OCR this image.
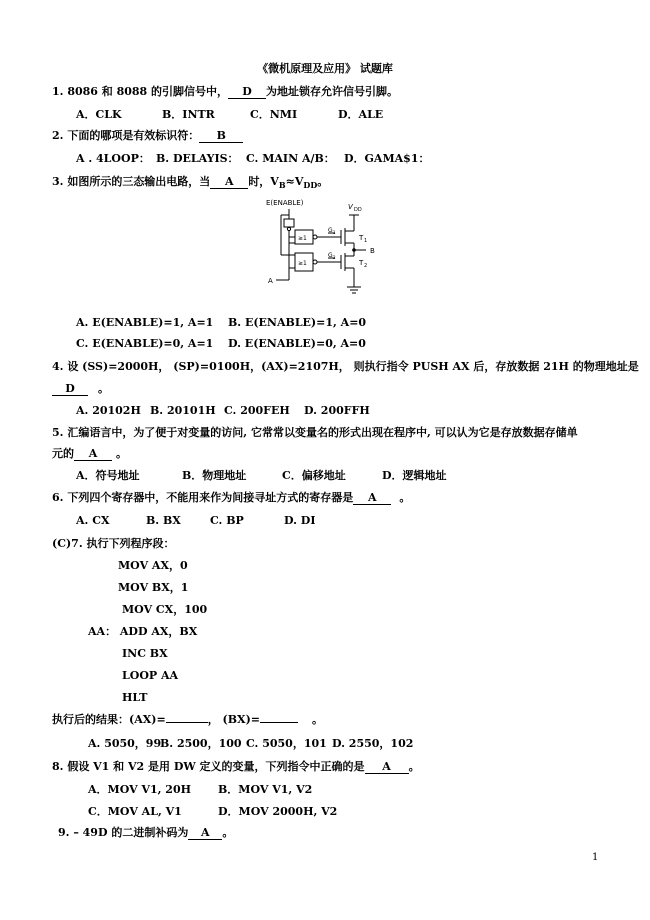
《微机原理及应用》 试题库
1. 8086 和 8088 的引脚信号中， D 为地址锁存允许信号引脚。
A．CLK	B．INTR	C．NMI	D．ALE
2. 下面的哪项是有效标识符： B
A . 4LOOP： B. DELAYIS： C. MAIN A/B： D．GAMA$1：
3. 如图所示的三态输出电路，当 A 时，$V_B\approx V_{DD}$。
E(ENABLE)	V DD
≥1
≥1
G 1
G 2
T 1
T 2
B
A
A. E(ENABLE)=1, A=1 B. E(ENABLE)=1, A=0
C. E(ENABLE)=0, A=1 D. E(ENABLE)=0, A=0
4. 设 (SS)=2000H， (SP)=0100H，(AX)=2107H， 则执行指令 PUSH AX 后，存放数据 21H 的物理地址是
D 。
A. 20102H B. 20101H C. 200FEH D. 200FFH
5. 汇编语言中，为了便于对变量的访问, 它常常以变量名的形式出现在程序中, 可以认为它是存放数据存储单
元的 A 。
A．符号地址	B．物理地址	C．偏移地址	D．逻辑地址
6. 下列四个寄存器中，不能用来作为间接寻址方式的寄存器是 A 。
A. CX	B. BX	C. BP	D. DI
(C)7. 执行下列程序段：
MOV AX，0
MOV BX，1
MOV CX，100
AA： ADD AX，BX
INC BX
LOOP AA
HLT
执行后的结果：(AX)=	， (BX)=	。
A. 5050，99B. 2500，100 C. 5050，101 D. 2550，102
8. 假设 V1 和 V2 是用 DW 定义的变量，下列指令中正确的是 A 。
A．MOV V1, 20H B．MOV V1, V2
C．MOV AL, V1	D．MOV 2000H, V2
9. – 49D 的二进制补码为 A 。
1
